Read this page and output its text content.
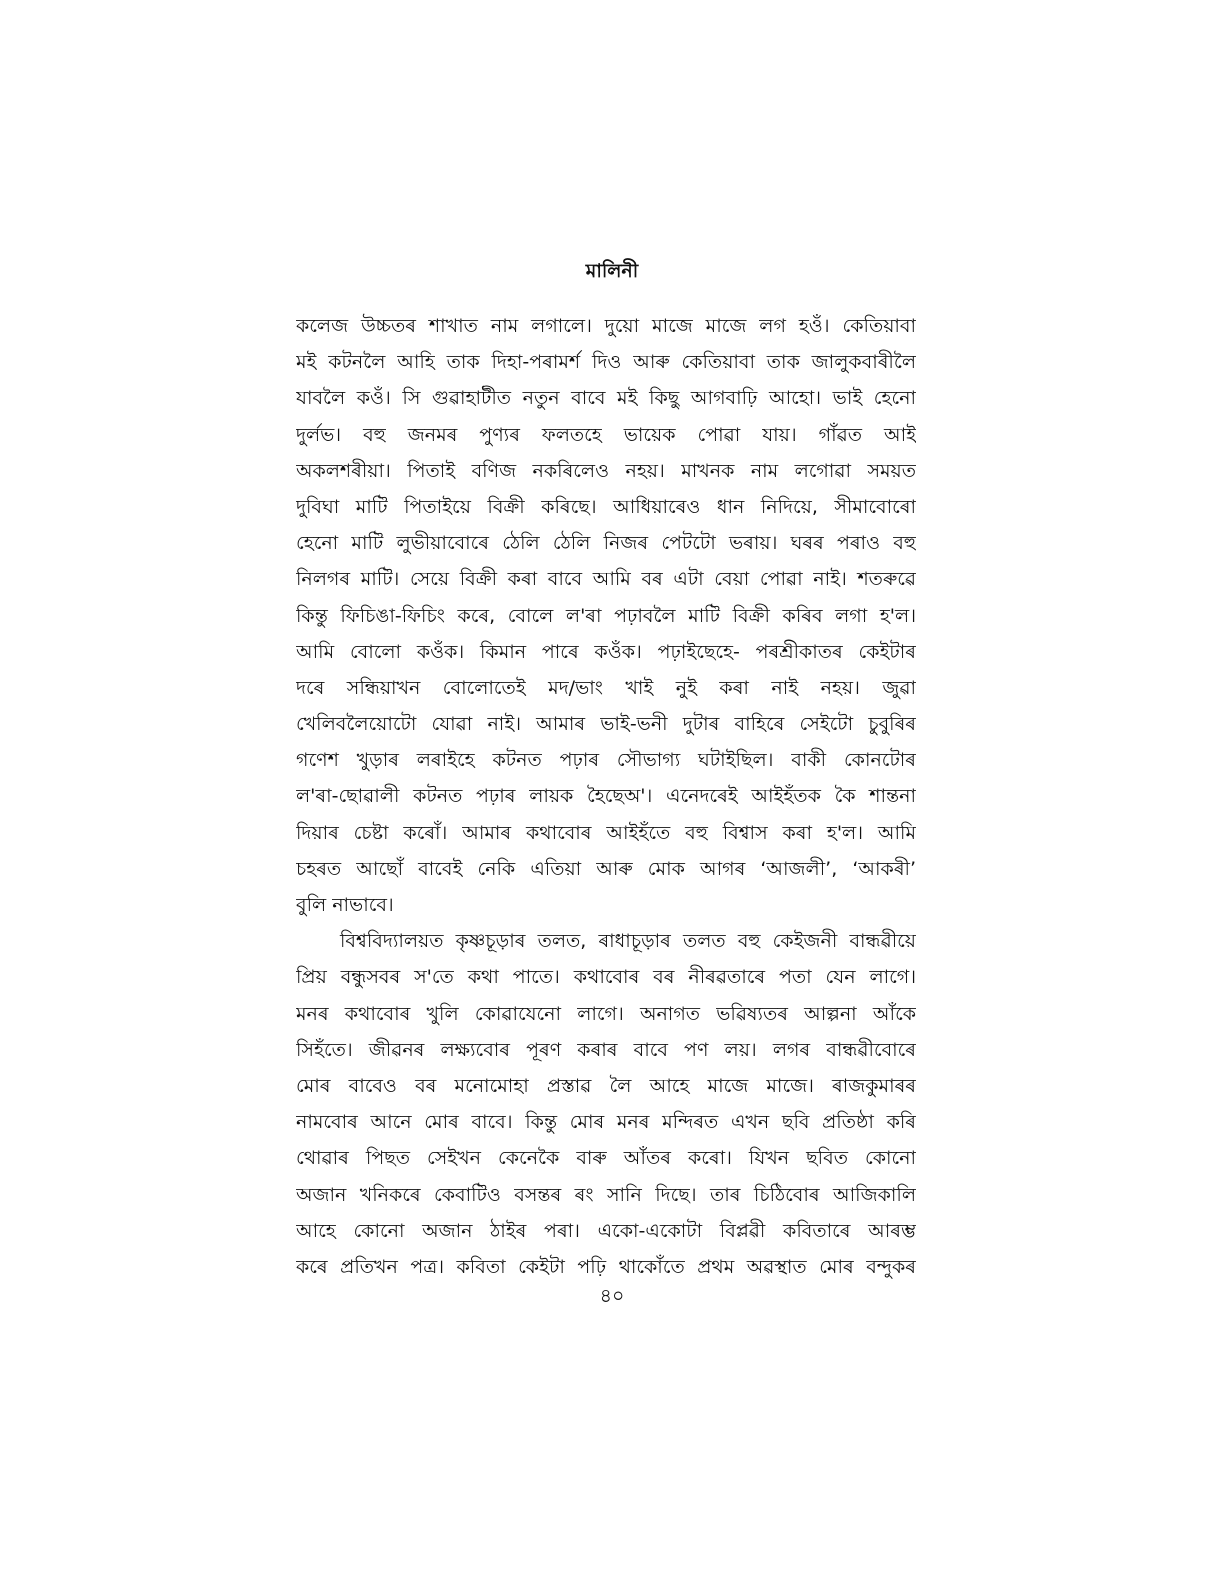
মালিনী
কলেজ উচ্চতৰ শাখাত নাম লগালে। দুয়ো মাজে মাজে লগ হওঁ। কেতিয়াবা
মই কটনলৈ আহি তাক দিহা-পৰামৰ্শ দিও আৰু কেতিয়াবা তাক জালুকবাৰীলৈ
যাবলৈ কওঁ। সি গুৱাহাটীত নতুন বাবে মই কিছু আগবাঢ়ি আহো। ভাই হেনো
দুৰ্লভ। বহু জনমৰ পুণ্যৰ ফলতহে ভায়েক পোৱা যায়। গাঁৱত আই
অকলশৰীয়া। পিতাই বণিজ নকৰিলেও নহয়। মাখনক নাম লগোৱা সময়ত
দুবিঘা মাটি পিতাইয়ে বিক্ৰী কৰিছে। আধিয়াৰেও ধান নিদিয়ে, সীমাবোৰো
হেনো মাটি লুভীয়াবোৰে ঠেলি ঠেলি নিজৰ পেটটো ভৰায়। ঘৰৰ পৰাও বহু
নিলগৰ মাটি। সেয়ে বিক্ৰী কৰা বাবে আমি বৰ এটা বেয়া পোৱা নাই। শতৰুৱে
কিন্তু ফিচিঙা-ফিচিং কৰে, বোলে ল'ৰা পঢ়াবলৈ মাটি বিক্ৰী কৰিব লগা হ'ল।
আমি বোলো কওঁক। কিমান পাৰে কওঁক। পঢ়াইছেহে- পৰশ্ৰীকাতৰ কেইটাৰ
দৰে সন্ধিয়াখন বোলোতেই মদ/ভাং খাই নুই কৰা নাই নহয়। জুৱা
খেলিবলৈয়োটো যোৱা নাই। আমাৰ ভাই-ভনী দুটাৰ বাহিৰে সেইটো চুবুৰিৰ
গণেশ খুড়াৰ লৰাইহে কটনত পঢ়াৰ সৌভাগ্য ঘটাইছিল। বাকী কোনটোৰ
ল'ৰা-ছোৱালী কটনত পঢ়াৰ লায়ক হৈছেঅ'। এনেদৰেই আইহঁতক কৈ শান্তনা
দিয়াৰ চেষ্টা কৰোঁ। আমাৰ কথাবোৰ আইহঁতে বহু বিশ্বাস কৰা হ'ল। আমি
চহৰত আছোঁ বাবেই নেকি এতিয়া আৰু মোক আগৰ ‘আজলী’, ‘আকৰী’
বুলি নাভাবে।
বিশ্ববিদ্যালয়ত কৃষ্ণচূড়াৰ তলত, ৰাধাচূড়াৰ তলত বহু কেইজনী বান্ধৱীয়ে
প্ৰিয় বন্ধুসবৰ স'তে কথা পাতে। কথাবোৰ বৰ নীৰৱতাৰে পতা যেন লাগে।
মনৰ কথাবোৰ খুলি কোৱাযেনো লাগে। অনাগত ভৱিষ্যতৰ আল্পনা আঁকে
সিহঁতে। জীৱনৰ লক্ষ্যবোৰ পূৰণ কৰাৰ বাবে পণ লয়। লগৰ বান্ধৱীবোৰে
মোৰ বাবেও বৰ মনোমোহা প্ৰস্তাৱ লৈ আহে মাজে মাজে। ৰাজকুমাৰৰ
নামবোৰ আনে মোৰ বাবে। কিন্তু মোৰ মনৰ মন্দিৰত এখন ছবি প্ৰতিষ্ঠা কৰি
থোৱাৰ পিছত সেইখন কেনেকৈ বাৰু আঁতৰ কৰো। যিখন ছবিত কোনো
অজান খনিকৰে কেবাটিও বসন্তৰ ৰং সানি দিছে। তাৰ চিঠিবোৰ আজিকালি
আহে কোনো অজান ঠাইৰ পৰা। একো-একোটা বিপ্লৱী কবিতাৰে আৰম্ভ
কৰে প্ৰতিখন পত্ৰ। কবিতা কেইটা পঢ়ি থাকোঁতে প্ৰথম অৱস্থাত মোৰ বন্দুকৰ
৪০
